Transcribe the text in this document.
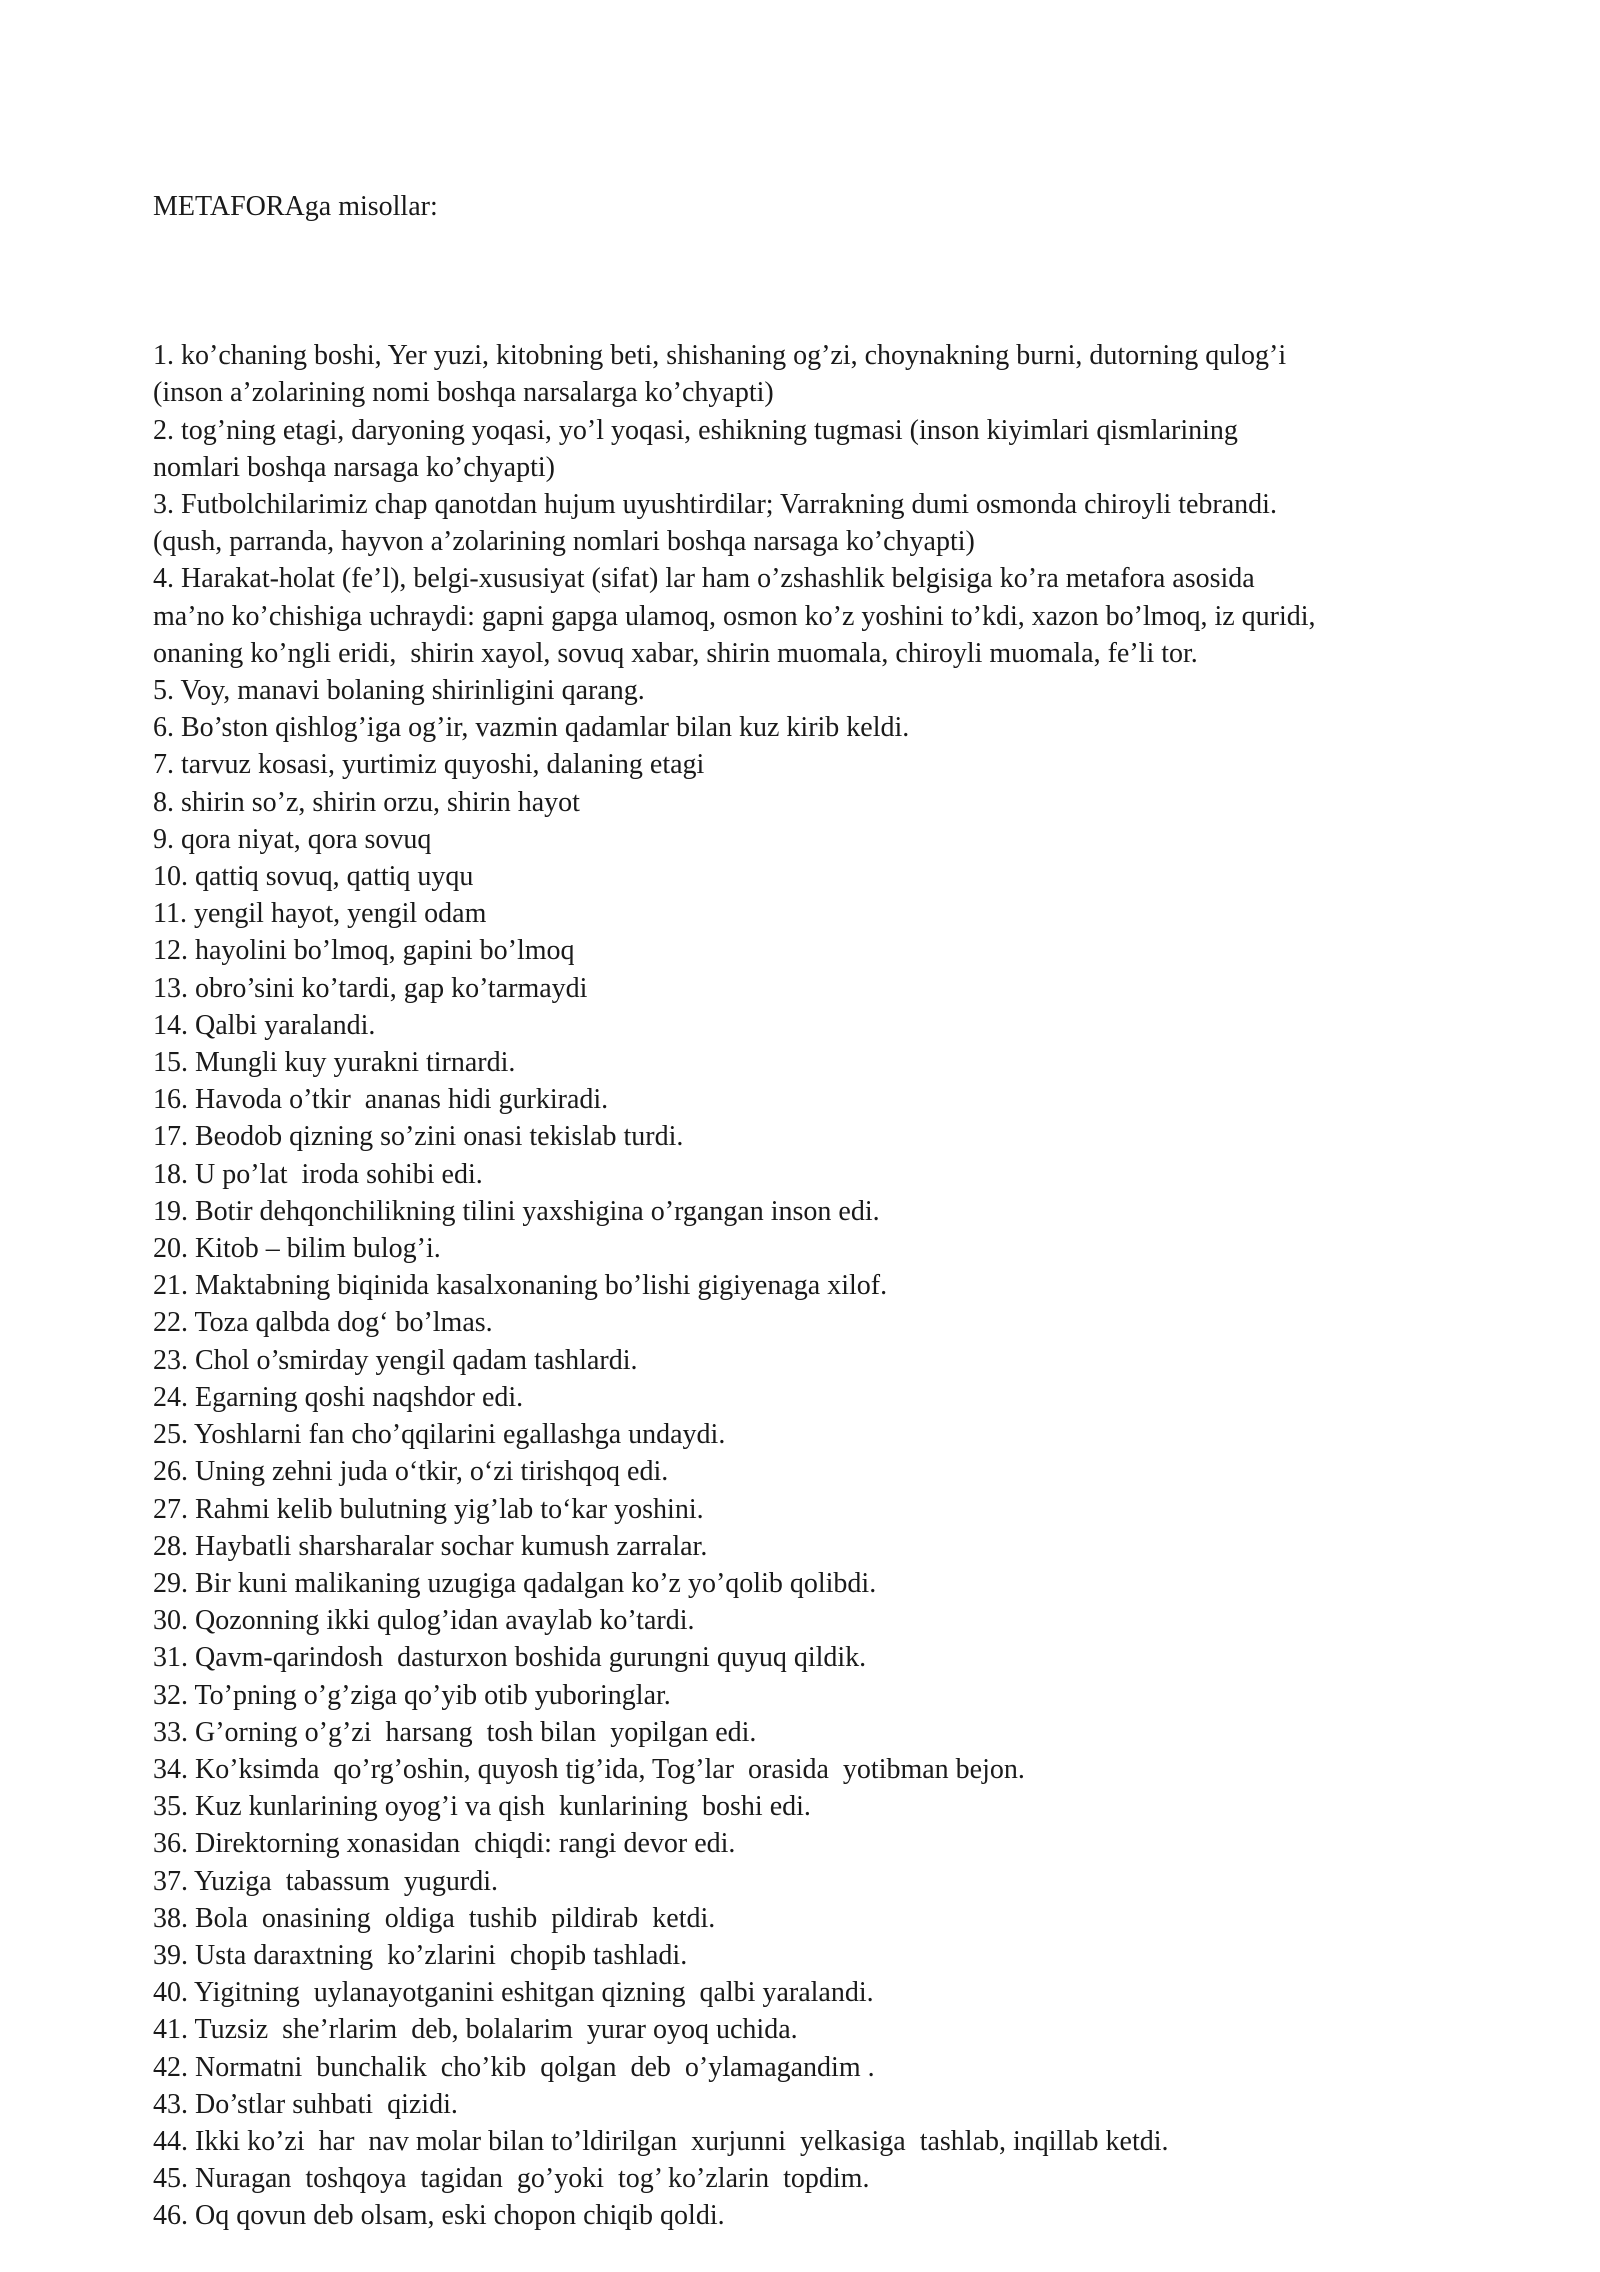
METAFORAga misollar:

1. ko’chaning boshi, Yer yuzi, kitobning beti, shishaning og’zi, choynakning burni, dutorning qulog’i
(inson a’zolarining nomi boshqa narsalarga ko’chyapti)
2. tog’ning etagi, daryoning yoqasi, yo’l yoqasi, eshikning tugmasi (inson kiyimlari qismlarining
nomlari boshqa narsaga ko’chyapti)
3. Futbolchilarimiz chap qanotdan hujum uyushtirdilar; Varrakning dumi osmonda chiroyli tebrandi.
(qush, parranda, hayvon a’zolarining nomlari boshqa narsaga ko’chyapti)
4. Harakat-holat (fe’l), belgi-xususiyat (sifat) lar ham o’zshashlik belgisiga ko’ra metafora asosida
ma’no ko’chishiga uchraydi: gapni gapga ulamoq, osmon ko’z yoshini to’kdi, xazon bo’lmoq, iz quridi,
onaning ko’ngli eridi,  shirin xayol, sovuq xabar, shirin muomala, chiroyli muomala, fe’li tor.
5. Voy, manavi bolaning shirinligini qarang.
6. Bo’ston qishlog’iga og’ir, vazmin qadamlar bilan kuz kirib keldi.
7. tarvuz kosasi, yurtimiz quyoshi, dalaning etagi
8. shirin so’z, shirin orzu, shirin hayot
9. qora niyat, qora sovuq
10. qattiq sovuq, qattiq uyqu
11. yengil hayot, yengil odam
12. hayolini bo’lmoq, gapini bo’lmoq
13. obro’sini ko’tardi, gap ko’tarmaydi
14. Qalbi yaralandi.
15. Mungli kuy yurakni tirnardi.
16. Havoda o’tkir  ananas hidi gurkiradi.
17. Beodob qizning so’zini onasi tekislab turdi.
18. U po’lat  iroda sohibi edi.
19. Botir dehqonchilikning tilini yaxshigina o’rgangan inson edi.
20. Kitob – bilim bulog’i.
21. Maktabning biqinida kasalxonaning bo’lishi gigiyenaga xilof.
22. Toza qalbda dog‘ bo’lmas.
23. Chol o’smirday yengil qadam tashlardi.
24. Egarning qoshi naqshdor edi.
25. Yoshlarni fan cho’qqilarini egallashga undaydi.
26. Uning zehni juda o‘tkir, o‘zi tirishqoq edi.
27. Rahmi kelib bulutning yig’lab to‘kar yoshini.
28. Haybatli sharsharalar sochar kumush zarralar.
29. Bir kuni malikaning uzugiga qadalgan ko’z yo’qolib qolibdi.
30. Qozonning ikki qulog’idan avaylab ko’tardi.
31. Qavm-qarindosh  dasturxon boshida gurungni quyuq qildik.
32. To’pning o’g’ziga qo’yib otib yuboringlar.
33. G’orning o’g’zi  harsang  tosh bilan  yopilgan edi.
34. Ko’ksimda  qo’rg’oshin, quyosh tig’ida, Tog’lar  orasida  yotibman bejon.
35. Kuz kunlarining oyog’i va qish  kunlarining  boshi edi.
36. Direktorning xonasidan  chiqdi: rangi devor edi.
37. Yuziga  tabassum  yugurdi.
38. Bola  onasining  oldiga  tushib  pildirab  ketdi.
39. Usta daraxtning  ko’zlarini  chopib tashladi.
40. Yigitning  uylanayotganini eshitgan qizning  qalbi yaralandi.
41. Tuzsiz  she’rlarim  deb, bolalarim  yurar oyoq uchida.
42. Normatni  bunchalik  cho’kib  qolgan  deb  o’ylamagandim .
43. Do’stlar suhbati  qizidi.
44. Ikki ko’zi  har  nav molar bilan to’ldirilgan  xurjunni  yelkasiga  tashlab, inqillab ketdi.
45. Nuragan  toshqoya  tagidan  go’yoki  tog’ ko’zlarin  topdim.
46. Oq qovun deb olsam, eski chopon chiqib qoldi.
